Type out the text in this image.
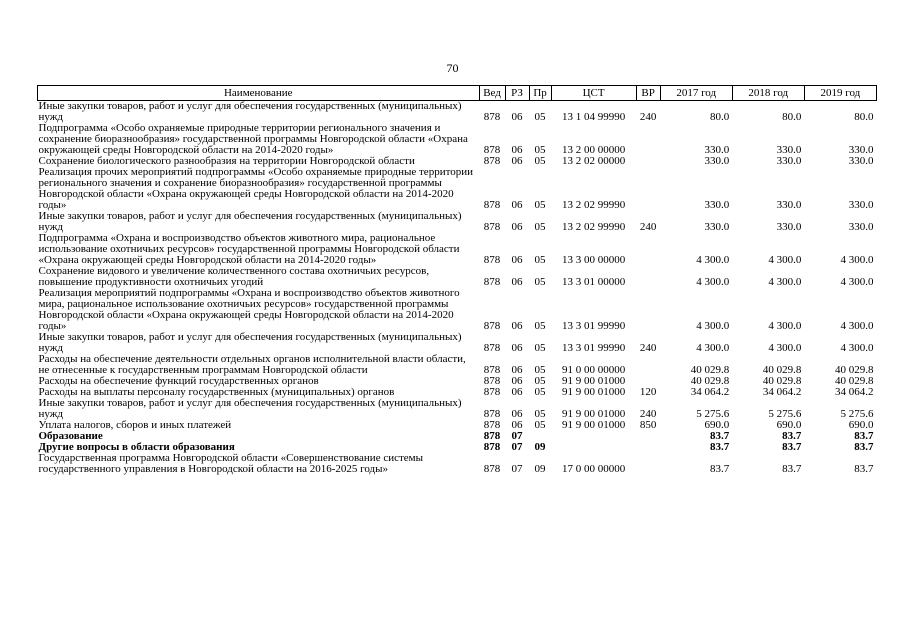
70
Наименование	Вед	РЗ	Пр	ЦСТ	ВР	2017 год	2018 год	2019 год
Иные закупки товаров, работ и услуг для обеспечения государственных (муниципальных) нужд	878	06	05	13 1 04 99990	240	80.0	80.0	80.0
Подпрограмма «Особо охраняемые природные территории регионального значения и сохранение биоразнообразия» государственной программы Новгородской области «Охрана окружающей среды Новгородской области на 2014-2020 годы»	878	06	05	13 2 00 00000		330.0	330.0	330.0
Сохранение биологического разнообразия на территории Новгородской области	878	06	05	13 2 02 00000		330.0	330.0	330.0
Реализация прочих мероприятий подпрограммы «Особо охраняемые природные территории регионального значения и сохранение биоразнообразия» государственной программы Новгородской области «Охрана окружающей среды Новгородской области на 2014-2020 годы»	878	06	05	13 2 02 99990		330.0	330.0	330.0
Иные закупки товаров, работ и услуг для обеспечения государственных (муниципальных) нужд	878	06	05	13 2 02 99990	240	330.0	330.0	330.0
Подпрограмма «Охрана и воспроизводство объектов животного мира, рациональное использование охотничьих ресурсов» государственной программы Новгородской области «Охрана окружающей среды Новгородской области на 2014-2020 годы»	878	06	05	13 3 00 00000		4 300.0	4 300.0	4 300.0
Сохранение видового и увеличение количественного состава охотничьих ресурсов, повышение продуктивности охотничьих угодий	878	06	05	13 3 01 00000		4 300.0	4 300.0	4 300.0
Реализация мероприятий подпрограммы «Охрана и воспроизводство объектов животного мира, рациональное использование охотничьих ресурсов» государственной программы Новгородской области «Охрана окружающей среды Новгородской области на 2014-2020 годы»	878	06	05	13 3 01 99990		4 300.0	4 300.0	4 300.0
Иные закупки товаров, работ и услуг для обеспечения государственных (муниципальных) нужд	878	06	05	13 3 01 99990	240	4 300.0	4 300.0	4 300.0
Расходы на обеспечение деятельности отдельных органов исполнительной власти области, не отнесенные к государственным программам Новгородской области	878	06	05	91 0 00 00000		40 029.8	40 029.8	40 029.8
Расходы на обеспечение функций государственных органов	878	06	05	91 9 00 01000		40 029.8	40 029.8	40 029.8
Расходы на выплаты персоналу государственных (муниципальных) органов	878	06	05	91 9 00 01000	120	34 064.2	34 064.2	34 064.2
Иные закупки товаров, работ и услуг для обеспечения государственных (муниципальных) нужд	878	06	05	91 9 00 01000	240	5 275.6	5 275.6	5 275.6
Уплата налогов, сборов и иных платежей	878	06	05	91 9 00 01000	850	690.0	690.0	690.0
Образование	878	07				83.7	83.7	83.7
Другие вопросы в области образования	878	07	09			83.7	83.7	83.7
Государственная программа Новгородской области «Совершенствование системы государственного управления в Новгородской области на 2016-2025 годы»	878	07	09	17 0 00 00000		83.7	83.7	83.7
